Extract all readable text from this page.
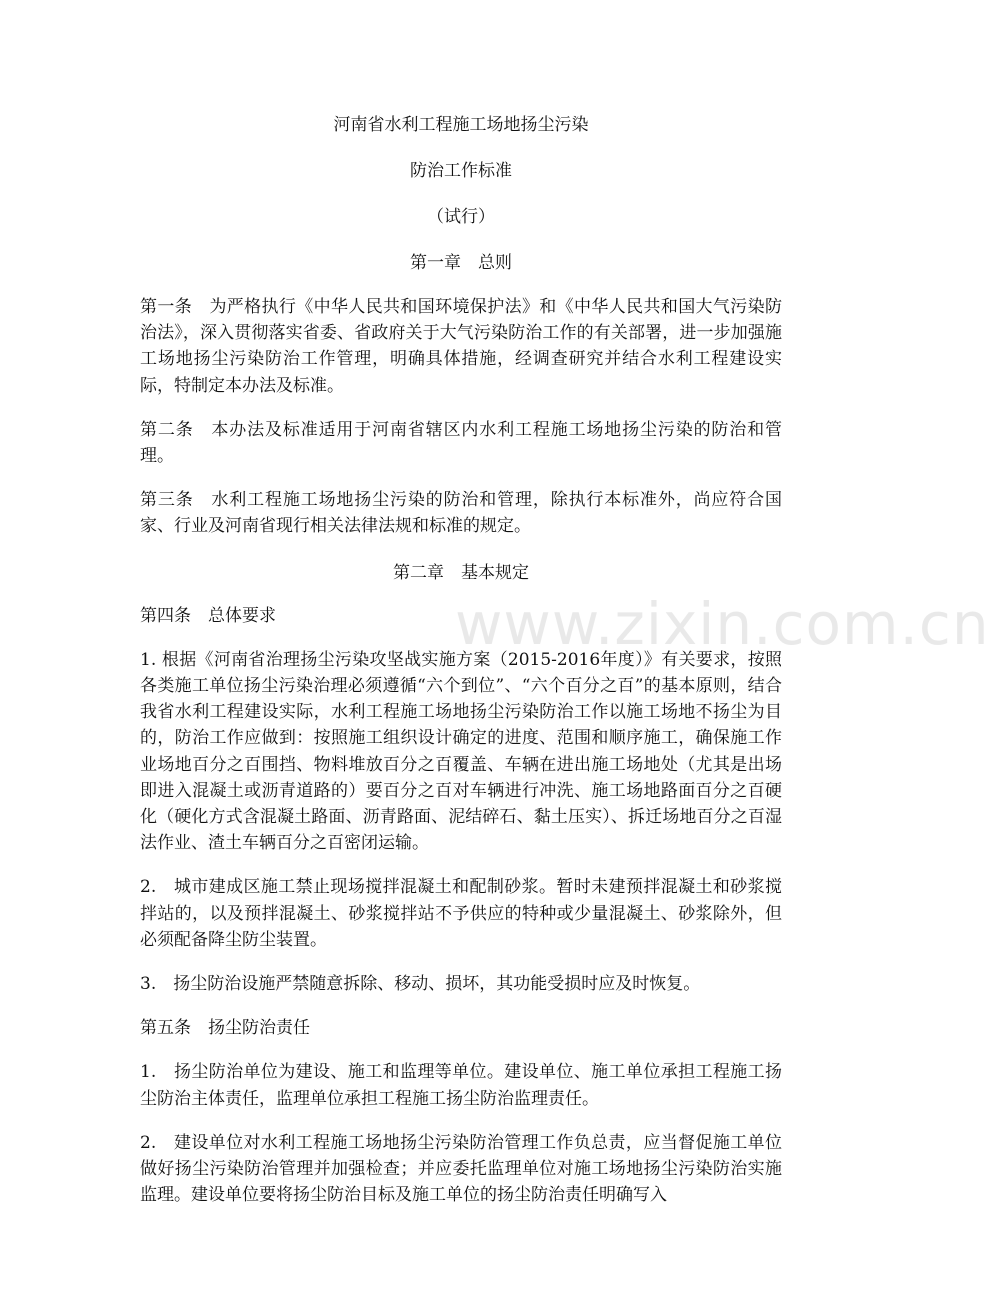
www.zixin.com.cn

河南省水利工程施工场地扬尘污染

防治工作标准

（试行）

第一章　总则

第一条　为严格执行《中华人民共和国环境保护法》和《中华人民共和国大气污染防治法》，深入贯彻落实省委、省政府关于大气污染防治工作的有关部署，进一步加强施工场地扬尘污染防治工作管理，明确具体措施，经调查研究并结合水利工程建设实际，特制定本办法及标准。

第二条　本办法及标准适用于河南省辖区内水利工程施工场地扬尘污染的防治和管理。

第三条　水利工程施工场地扬尘污染的防治和管理，除执行本标准外，尚应符合国家、行业及河南省现行相关法律法规和标准的规定。

第二章　基本规定

第四条　总体要求

1. 根据《河南省治理扬尘污染攻坚战实施方案（2015-2016年度）》有关要求，按照各类施工单位扬尘污染治理必须遵循“六个到位”、“六个百分之百”的基本原则，结合我省水利工程建设实际，水利工程施工场地扬尘污染防治工作以施工场地不扬尘为目的，防治工作应做到：按照施工组织设计确定的进度、范围和顺序施工，确保施工作业场地百分之百围挡、物料堆放百分之百覆盖、车辆在进出施工场地处（尤其是出场即进入混凝土或沥青道路的）要百分之百对车辆进行冲洗、施工场地路面百分之百硬化（硬化方式含混凝土路面、沥青路面、泥结碎石、黏土压实）、拆迁场地百分之百湿法作业、渣土车辆百分之百密闭运输。

2.　城市建成区施工禁止现场搅拌混凝土和配制砂浆。暂时未建预拌混凝土和砂浆搅拌站的，以及预拌混凝土、砂浆搅拌站不予供应的特种或少量混凝土、砂浆除外，但必须配备降尘防尘装置。

3.　扬尘防治设施严禁随意拆除、移动、损坏，其功能受损时应及时恢复。

第五条　扬尘防治责任

1.　扬尘防治单位为建设、施工和监理等单位。建设单位、施工单位承担工程施工扬尘防治主体责任，监理单位承担工程施工扬尘防治监理责任。

2.　建设单位对水利工程施工场地扬尘污染防治管理工作负总责，应当督促施工单位做好扬尘污染防治管理并加强检查；并应委托监理单位对施工场地扬尘污染防治实施监理。建设单位要将扬尘防治目标及施工单位的扬尘防治责任明确写入
